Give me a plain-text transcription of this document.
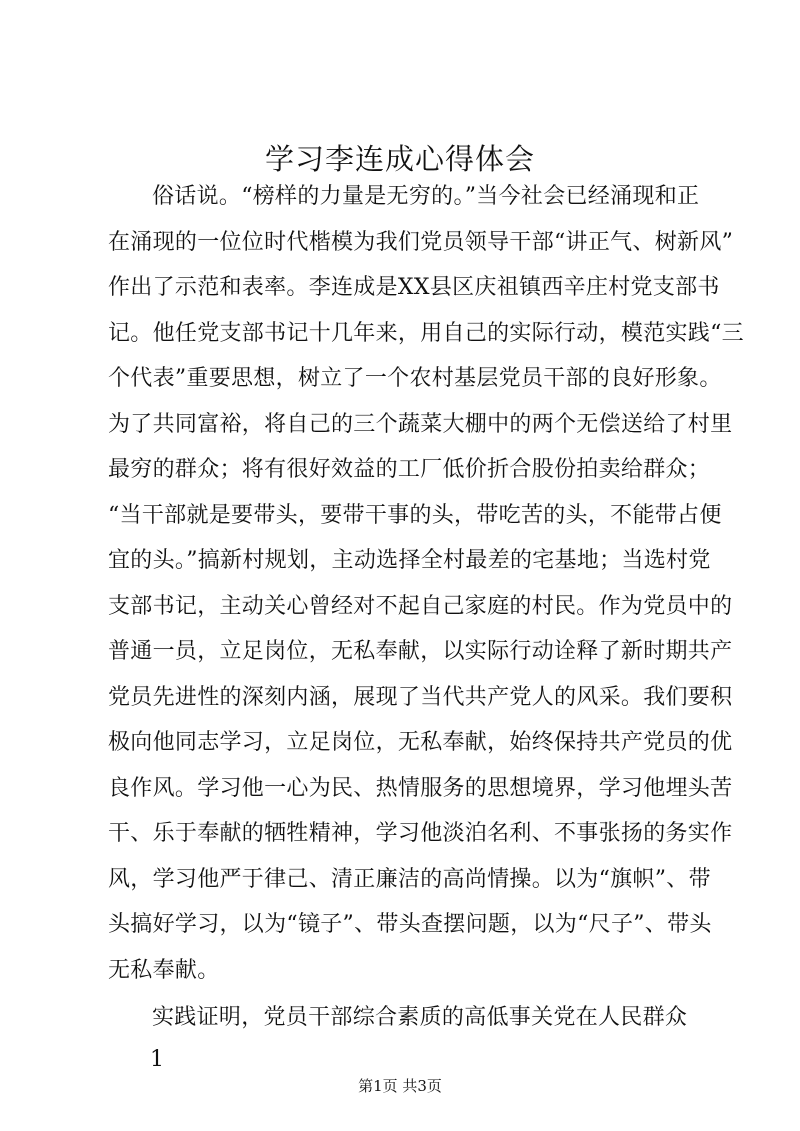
学习李连成心得体会
俗话说。“榜样的力量是无穷的。”当今社会已经涌现和正
在涌现的一位位时代楷模为我们党员领导干部“讲正气、树新风”
作出了示范和表率。李连成是XX县区庆祖镇西辛庄村党支部书
记。他任党支部书记十几年来，用自己的实际行动，模范实践“三
个代表”重要思想，树立了一个农村基层党员干部的良好形象。
为了共同富裕，将自己的三个蔬菜大棚中的两个无偿送给了村里
最穷的群众；将有很好效益的工厂低价折合股份拍卖给群众；
“当干部就是要带头，要带干事的头，带吃苦的头，不能带占便
宜的头。”搞新村规划，主动选择全村最差的宅基地；当选村党
支部书记，主动关心曾经对不起自己家庭的村民。作为党员中的
普通一员，立足岗位，无私奉献，以实际行动诠释了新时期共产
党员先进性的深刻内涵，展现了当代共产党人的风采。我们要积
极向他同志学习，立足岗位，无私奉献，始终保持共产党员的优
良作风。学习他一心为民、热情服务的思想境界，学习他埋头苦
干、乐于奉献的牺牲精神，学习他淡泊名利、不事张扬的务实作
风，学习他严于律己、清正廉洁的高尚情操。以为“旗帜”、带
头搞好学习，以为“镜子”、带头查摆问题，以为“尺子”、带头
无私奉献。
实践证明，党员干部综合素质的高低事关党在人民群众
1
第1页 共3页
